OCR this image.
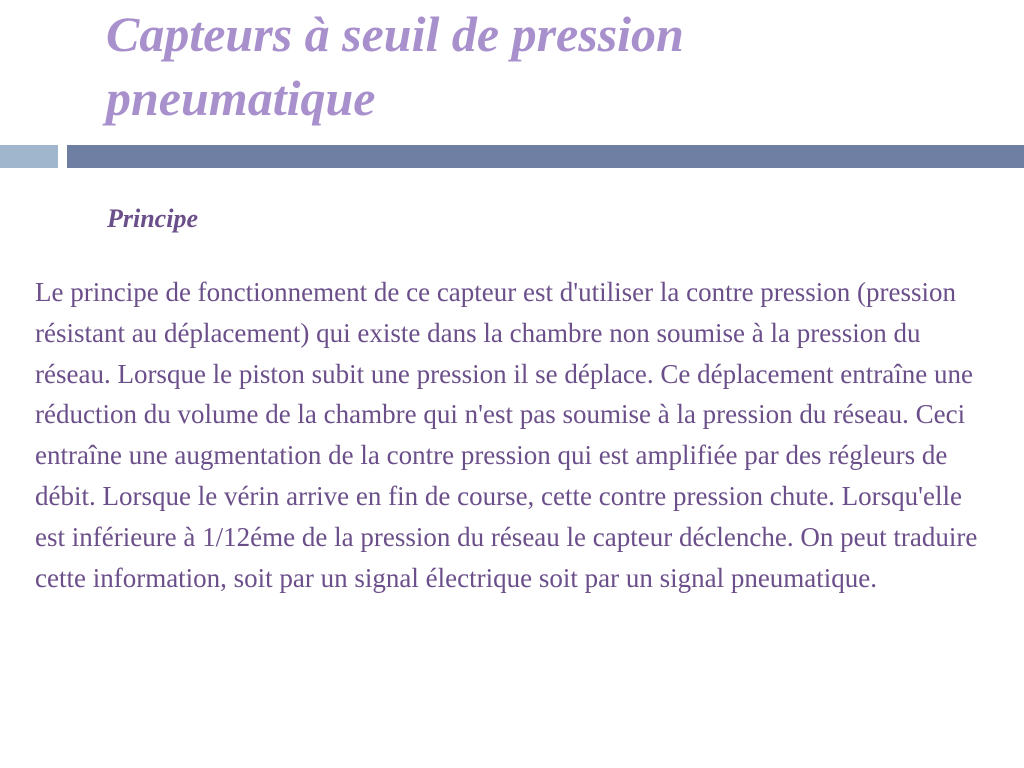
Capteurs à seuil de pression
pneumatique
Principe

Le principe de fonctionnement de ce capteur est d'utiliser la contre pression (pression résistant au déplacement) qui existe dans la chambre non soumise à la pression du réseau. Lorsque le piston subit une pression il se déplace. Ce déplacement entraîne une réduction du volume de la chambre qui n'est pas soumise à la pression du réseau. Ceci entraîne une augmentation de la contre pression qui est amplifiée par des régleurs de débit. Lorsque le vérin arrive en fin de course, cette contre pression chute. Lorsqu'elle est inférieure à 1/12éme de la pression du réseau le capteur déclenche. On peut traduire cette information, soit par un signal électrique soit par un signal pneumatique.
